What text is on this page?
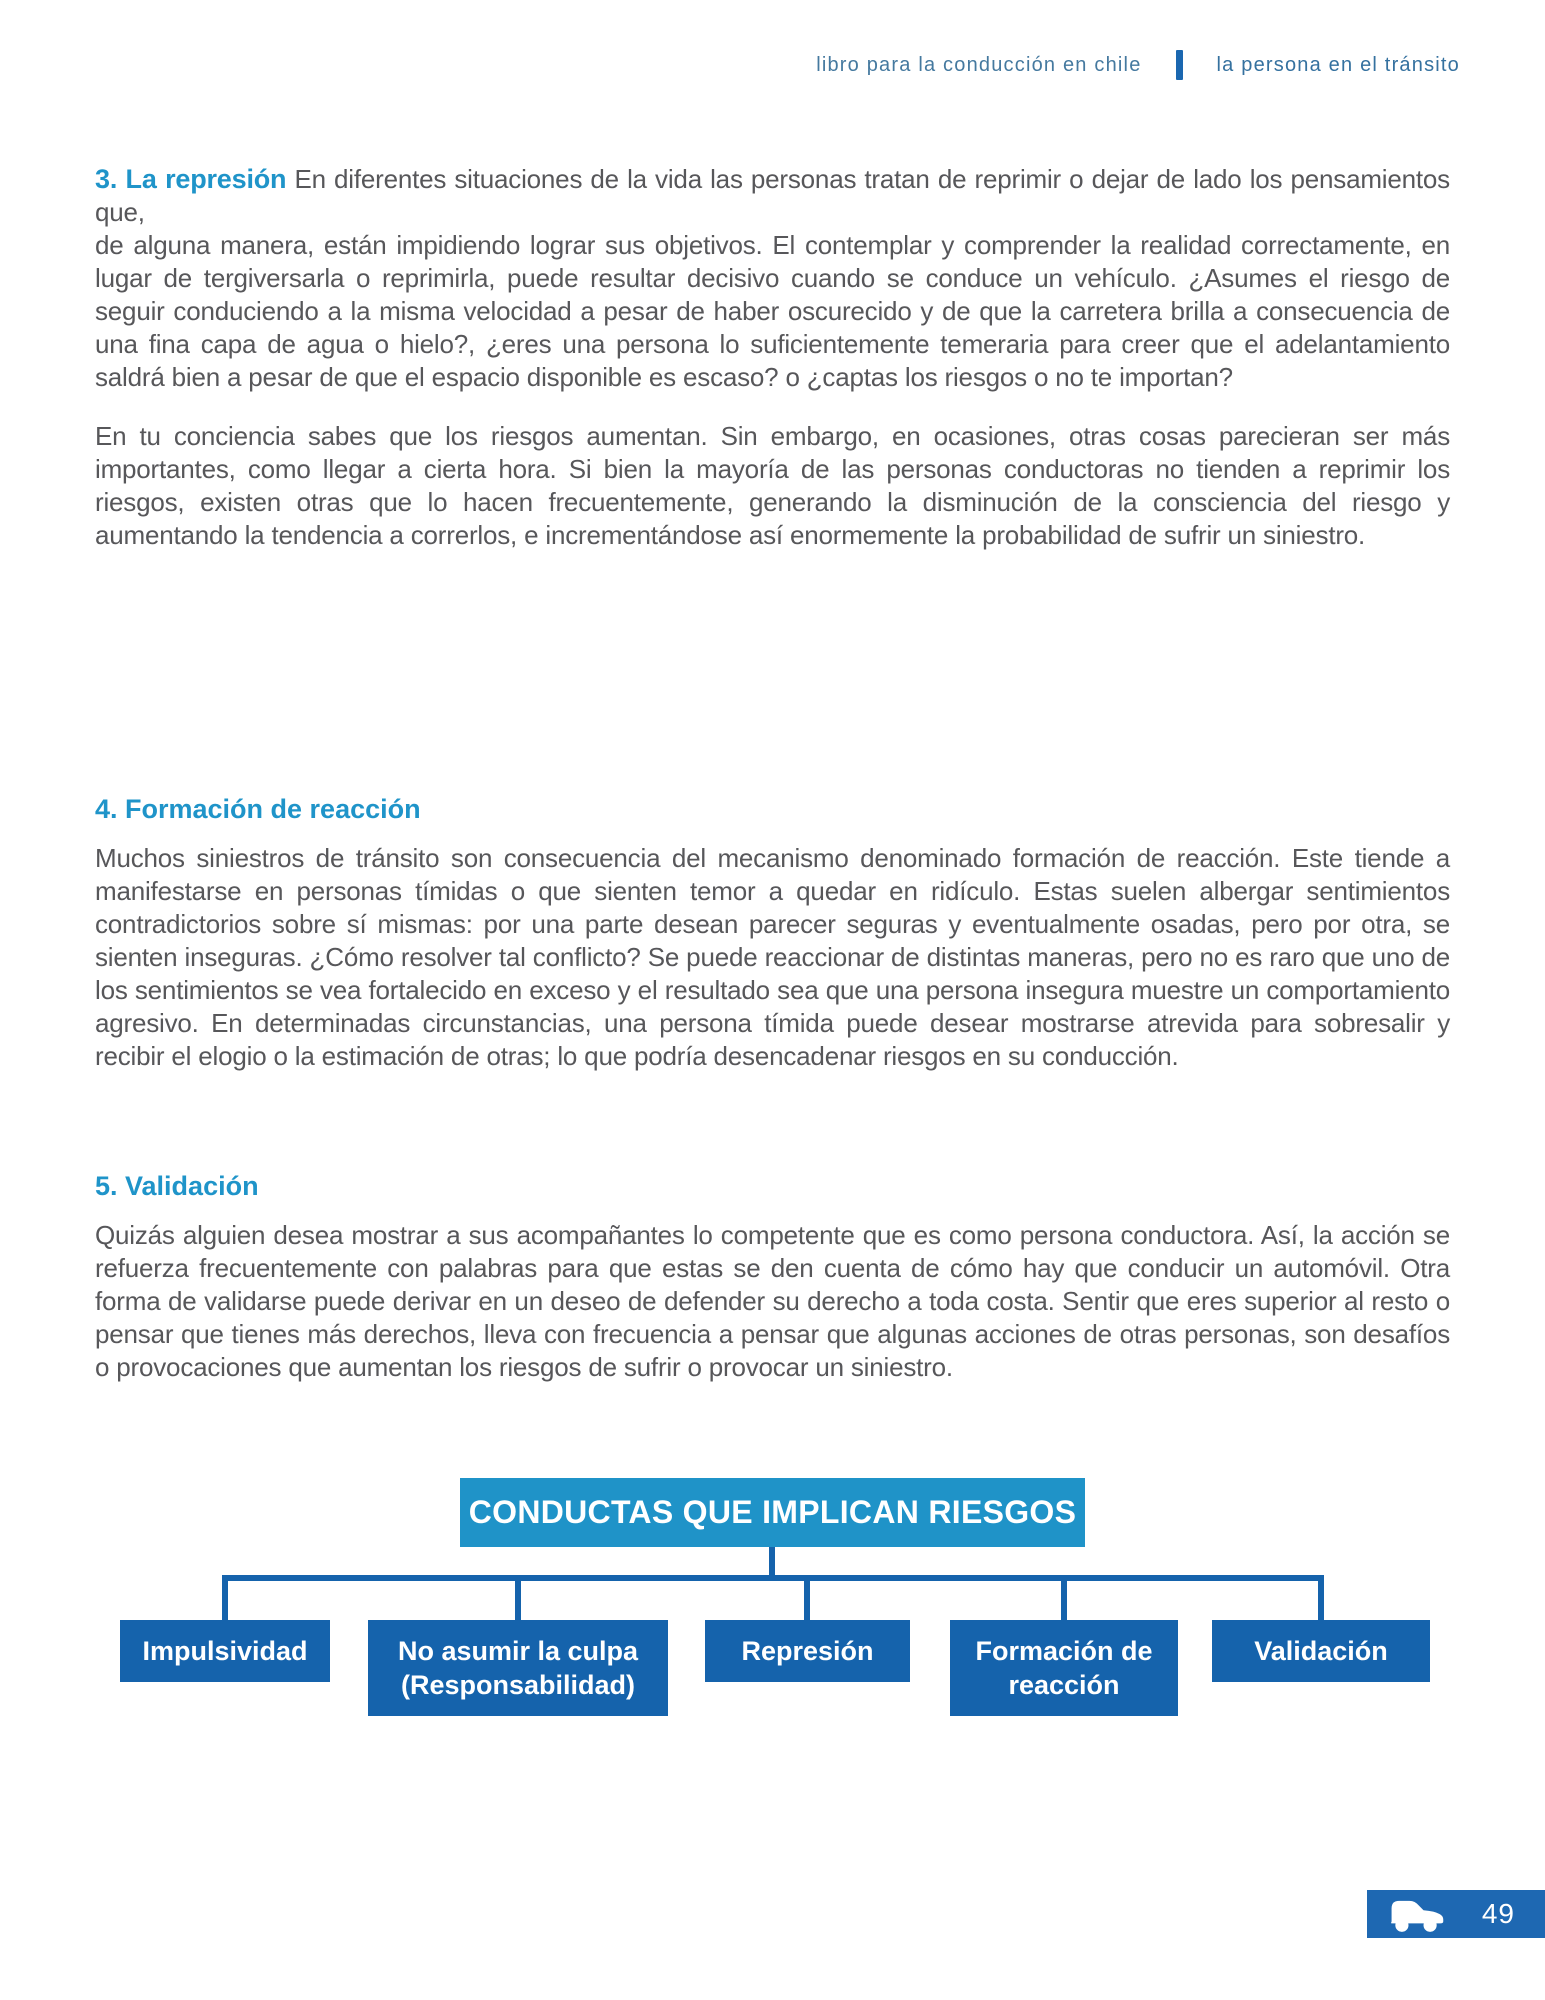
libro para la conducción en chile	la persona en el tránsito

3. La represión En diferentes situaciones de la vida las personas tratan de reprimir o dejar de lado los pensamientos que,

de alguna manera, están impidiendo lograr sus objetivos. El contemplar y comprender la realidad correctamente, en lugar de tergiversarla o reprimirla, puede resultar decisivo cuando se conduce un vehículo. ¿Asumes el riesgo de seguir conduciendo a la misma velocidad a pesar de haber oscurecido y de que la carretera brilla a consecuencia de una fina capa de agua o hielo?, ¿eres una persona lo suficientemente temeraria para creer que el adelantamiento saldrá bien a pesar de que el espacio disponible es escaso? o ¿captas los riesgos o no te importan?

En tu conciencia sabes que los riesgos aumentan. Sin embargo, en ocasiones, otras cosas parecieran ser más importantes, como llegar a cierta hora. Si bien la mayoría de las personas conductoras no tienden a reprimir los riesgos, existen otras que lo hacen frecuentemente, generando la disminución de la consciencia del riesgo y aumentando la tendencia a correrlos, e incrementándose así enormemente la probabilidad de sufrir un siniestro.

4. Formación de reacción

Muchos siniestros de tránsito son consecuencia del mecanismo denominado formación de reacción. Este tiende a manifestarse en personas tímidas o que sienten temor a quedar en ridículo. Estas suelen albergar sentimientos contradictorios sobre sí mismas: por una parte desean parecer seguras y eventualmente osadas, pero por otra, se sienten inseguras. ¿Cómo resolver tal conflicto? Se puede reaccionar de distintas maneras, pero no es raro que uno de los sentimientos se vea fortalecido en exceso y el resultado sea que una persona insegura muestre un comportamiento agresivo. En determinadas circunstancias, una persona tímida puede desear mostrarse atrevida para sobresalir y recibir el elogio o la estimación de otras; lo que podría desencadenar riesgos en su conducción.

5. Validación

Quizás alguien desea mostrar a sus acompañantes lo competente que es como persona conductora. Así, la acción se refuerza frecuentemente con palabras para que estas se den cuenta de cómo hay que conducir un automóvil. Otra forma de validarse puede derivar en un deseo de defender su derecho a toda costa. Sentir que eres superior al resto o pensar que tienes más derechos, lleva con frecuencia a pensar que algunas acciones de otras personas, son desafíos o provocaciones que aumentan los riesgos de sufrir o provocar un siniestro.

CONDUCTAS QUE IMPLICAN RIESGOS
Impulsividad	No asumir la culpa (Responsabilidad)
Represión	Formación de reacción
Validación
49
